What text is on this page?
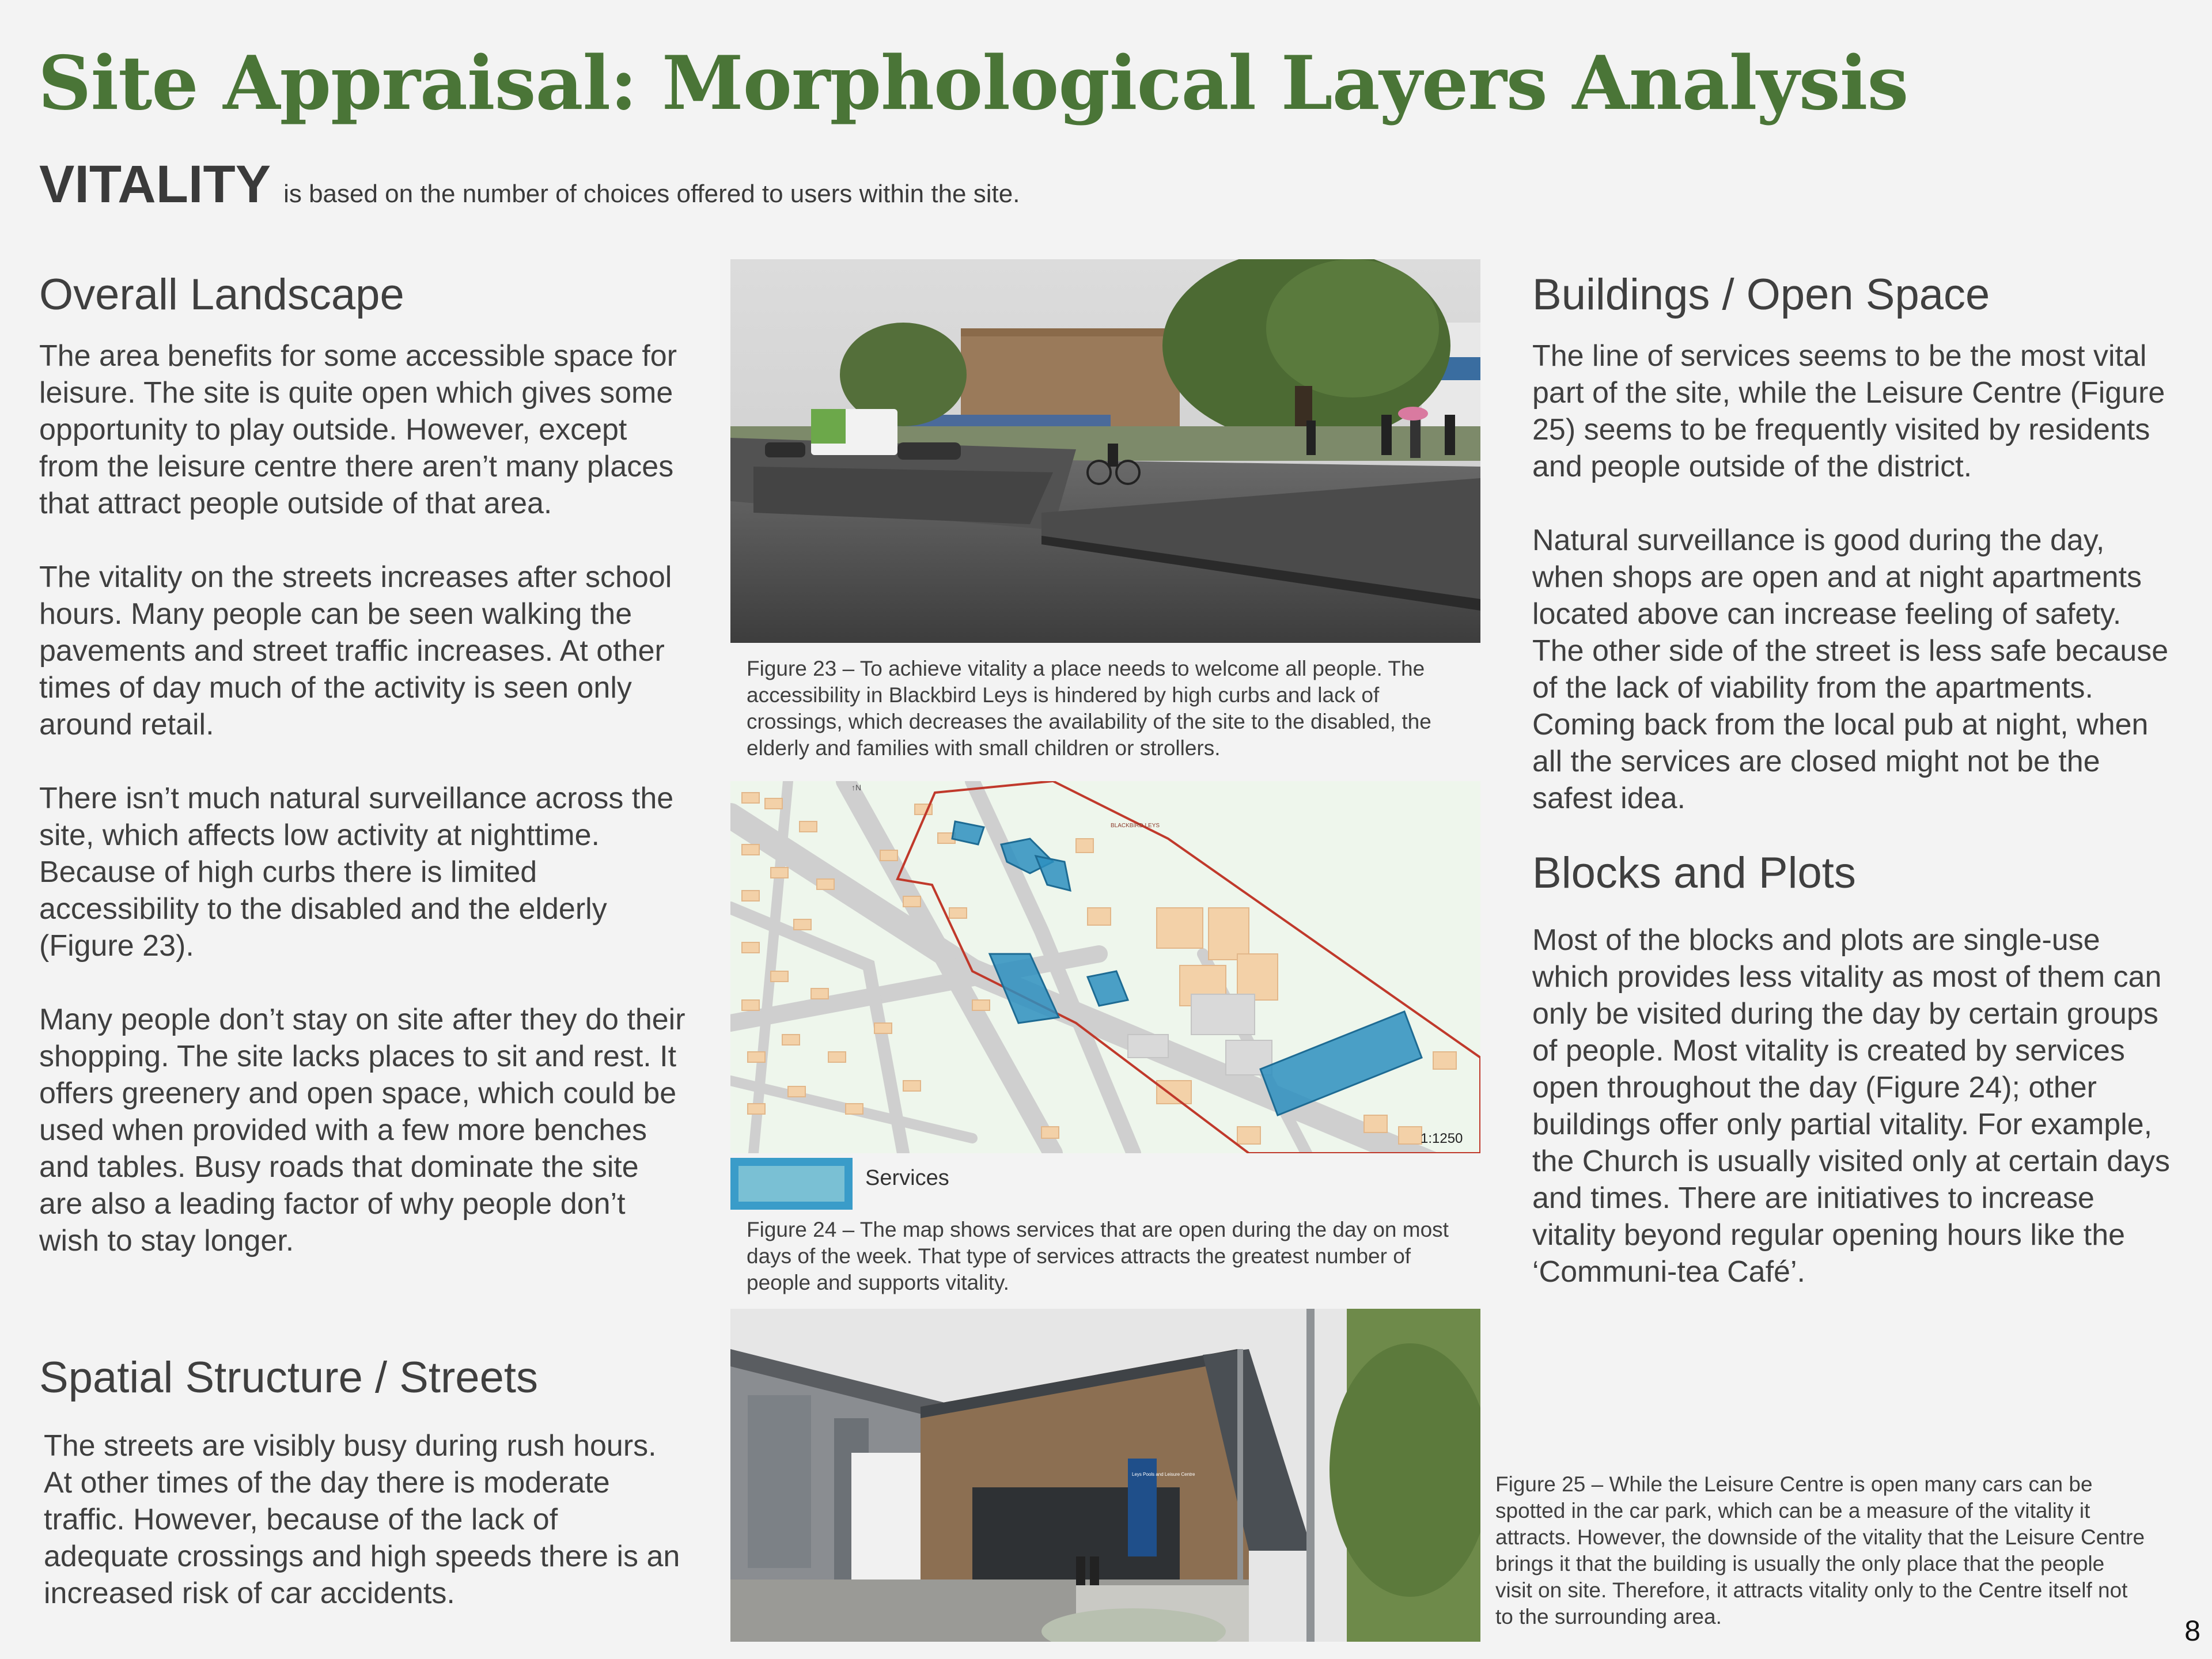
Site Appraisal: Morphological Layers Analysis
VITALITY is based on the number of choices offered to users within the site.
Overall Landscape

The area benefits for some accessible space for leisure. The site is quite open which gives some opportunity to play outside. However, except from the leisure centre there aren’t many places that attract people outside of that area.

The vitality on the streets increases after school hours. Many people can be seen walking the pavements and street traffic increases. At other times of day much of the activity is seen only around retail.

There isn’t much natural surveillance across the site, which affects low activity at nighttime. Because of high curbs there is limited accessibility to the disabled and the elderly (Figure 23).

Many people don’t stay on site after they do their shopping. The site lacks places to sit and rest. It offers greenery and open space, which could be used when provided with a few more benches and tables. Busy roads that dominate the site are also a leading factor of why people don’t wish to stay longer.

Spatial Structure / Streets
The streets are visibly busy during rush hours. At other times of the day there is moderate traffic. However, because of the lack of adequate crossings and high speeds there is an increased risk of car accidents.
Figure 23 – To achieve vitality a place needs to welcome all people. The accessibility in Blackbird Leys is hindered by high curbs and lack of crossings, which decreases the availability of the site to the disabled, the elderly and families with small children or strollers.
1:1250
↑N
BLACKBIRD LEYS
Services
Figure 24 – The map shows services that are open during the day on most days of the week. That type of services attracts the greatest number of people and supports vitality.
Leys Pools and Leisure Centre
Buildings / Open Space

The line of services seems to be the most vital part of the site, while the Leisure Centre (Figure 25) seems to be frequently visited by residents and people outside of the district.

Natural surveillance is good during the day, when shops are open and at night apartments located above can increase feeling of safety. The other side of the street is less safe because of the lack of viability from the apartments. Coming back from the local pub at night, when all the services are closed might not be the safest idea.

Blocks and Plots
Most of the blocks and plots are single-use which provides less vitality as most of them can only be visited during the day by certain groups of people. Most vitality is created by services open throughout the day (Figure 24); other buildings offer only partial vitality. For example, the Church is usually visited only at certain days and times. There are initiatives to increase vitality beyond regular opening hours like the ‘Communi-tea Café’.
Figure 25 – While the Leisure Centre is open many cars can be spotted in the car park, which can be a measure of the vitality it attracts. However, the downside of the vitality that the Leisure Centre brings it that the building is usually the only place that the people visit on site. Therefore, it attracts vitality only to the Centre itself not to the surrounding area.	8
